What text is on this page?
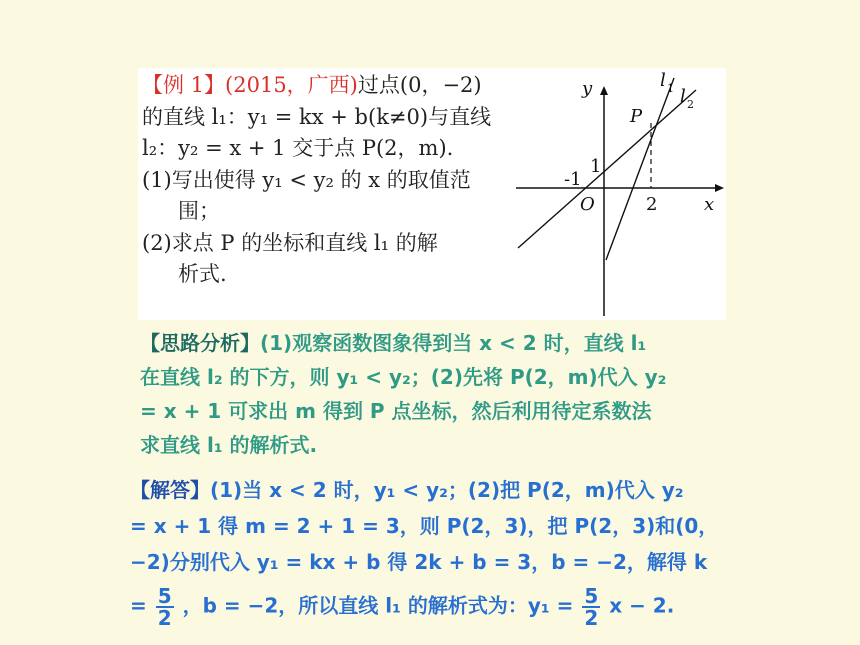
【例 1】(2015，广西)过点(0，−2)
的直线 l₁：y₁ = kx + b(k≠0)与直线
l₂：y₂ = x + 1 交于点 P(2，m).
(1)写出使得 y₁ < y₂ 的 x 的取值范
围；
(2)求点 P 的坐标和直线 l₁ 的解
析式.
y
x
O
l 1 l 2
P
2
1
-1
【思路分析】(1)观察函数图象得到当 x < 2 时，直线 l₁
在直线 l₂ 的下方，则 y₁ < y₂；(2)先将 P(2，m)代入 y₂
= x + 1 可求出 m 得到 P 点坐标，然后利用待定系数法
求直线 l₁ 的解析式.
【解答】(1)当 x < 2 时，y₁ < y₂；(2)把 P(2，m)代入 y₂
= x + 1 得 m = 2 + 1 = 3，则 P(2，3)，把 P(2，3)和(0，
−2)分别代入 y₁ = kx + b 得 2k + b = 3，b = −2，解得 k
= $\frac{5}{2}$ ，b = −2，所以直线 l₁ 的解析式为：$y_1 = \frac{5}{2}$ x − 2.
